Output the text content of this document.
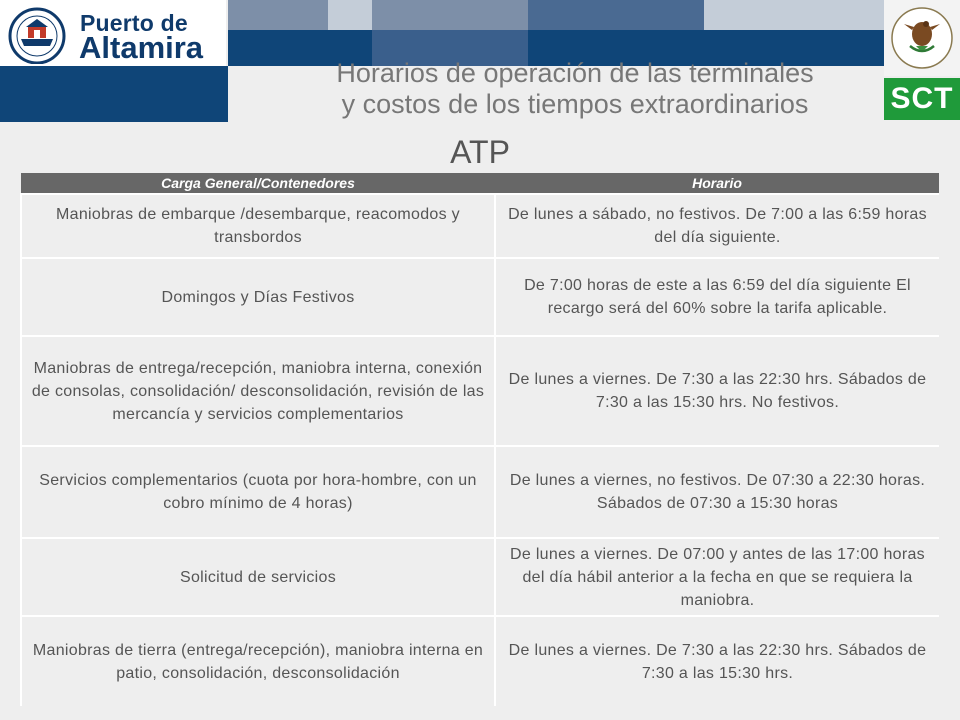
Puerto de
Altamira
SCT
Horarios de operación de las terminales
y costos de los tiempos extraordinarios
ATP
Carga General/Contenedores	Horario
Maniobras de embarque /desembarque, reacomodos y transbordos	De lunes a sábado, no festivos. De 7:00 a las 6:59 horas del día siguiente.
Domingos y Días Festivos	De 7:00 horas de este a las 6:59 del día siguiente El recargo será del 60% sobre la tarifa aplicable.
Maniobras de entrega/recepción, maniobra interna, conexión de consolas, consolidación/ desconsolidación, revisión de las mercancía y servicios complementarios	De lunes a viernes. De 7:30 a las 22:30 hrs. Sábados de 7:30 a las 15:30 hrs. No festivos.
Servicios complementarios (cuota por hora-hombre, con un cobro mínimo de 4 horas)	De lunes a viernes, no festivos. De 07:30 a 22:30 horas. Sábados de 07:30 a 15:30 horas
Solicitud de servicios	De lunes a viernes. De 07:00 y antes de las 17:00 horas del día hábil anterior a la fecha en que se requiera la maniobra.
Maniobras de tierra (entrega/recepción), maniobra interna en patio, consolidación, desconsolidación	De lunes a viernes. De 7:30 a las 22:30 hrs. Sábados de 7:30 a las 15:30 hrs.
